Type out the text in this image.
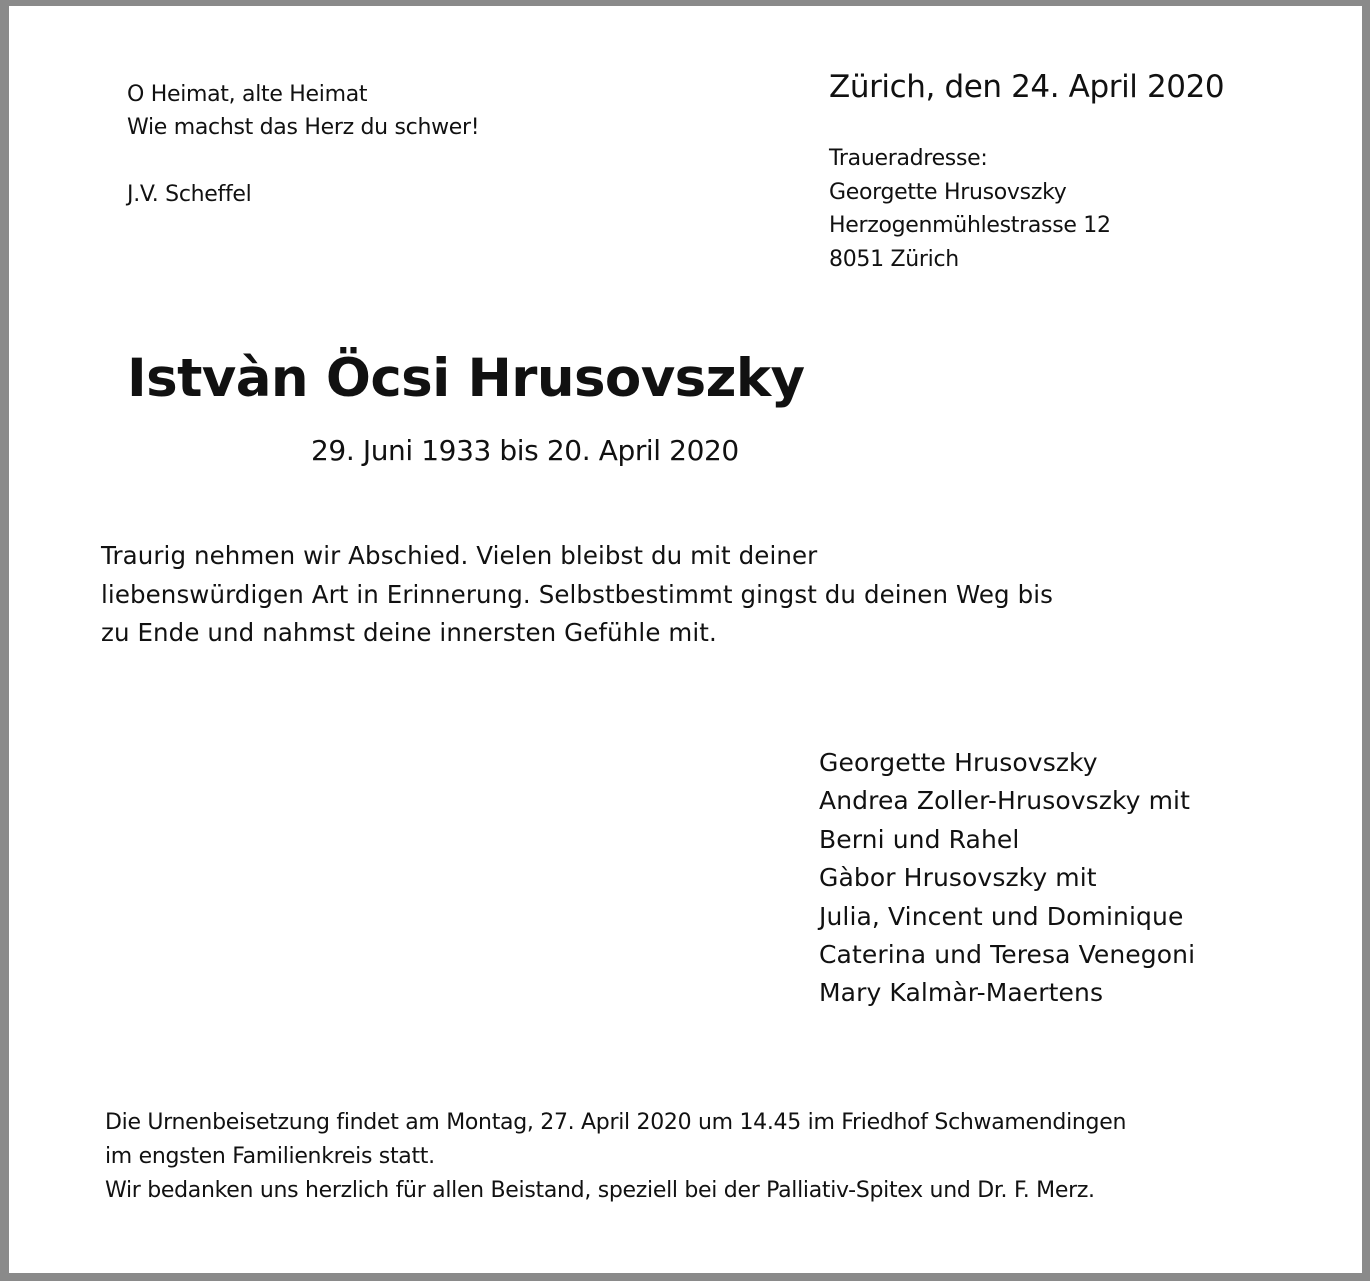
O Heimat, alte Heimat
Wie machst das Herz du schwer!

J.V. Scheffel

Zürich, den 24. April 2020

Traueradresse:
Georgette Hrusovszky
Herzogenmühlestrasse 12
8051 Zürich

Istvàn Öcsi Hrusovszky

29. Juni 1933 bis 20. April 2020

Traurig nehmen wir Abschied. Vielen bleibst du mit deiner
liebenswürdigen Art in Erinnerung. Selbstbestimmt gingst du deinen Weg bis
zu Ende und nahmst deine innersten Gefühle mit.

Georgette Hrusovszky
Andrea Zoller-Hrusovszky mit
Berni und Rahel
Gàbor Hrusovszky mit
Julia, Vincent und Dominique
Caterina und Teresa Venegoni
Mary Kalmàr-Maertens

Die Urnenbeisetzung findet am Montag, 27. April 2020 um 14.45 im Friedhof Schwamendingen
im engsten Familienkreis statt.
Wir bedanken uns herzlich für allen Beistand, speziell bei der Palliativ-Spitex und Dr. F. Merz.
